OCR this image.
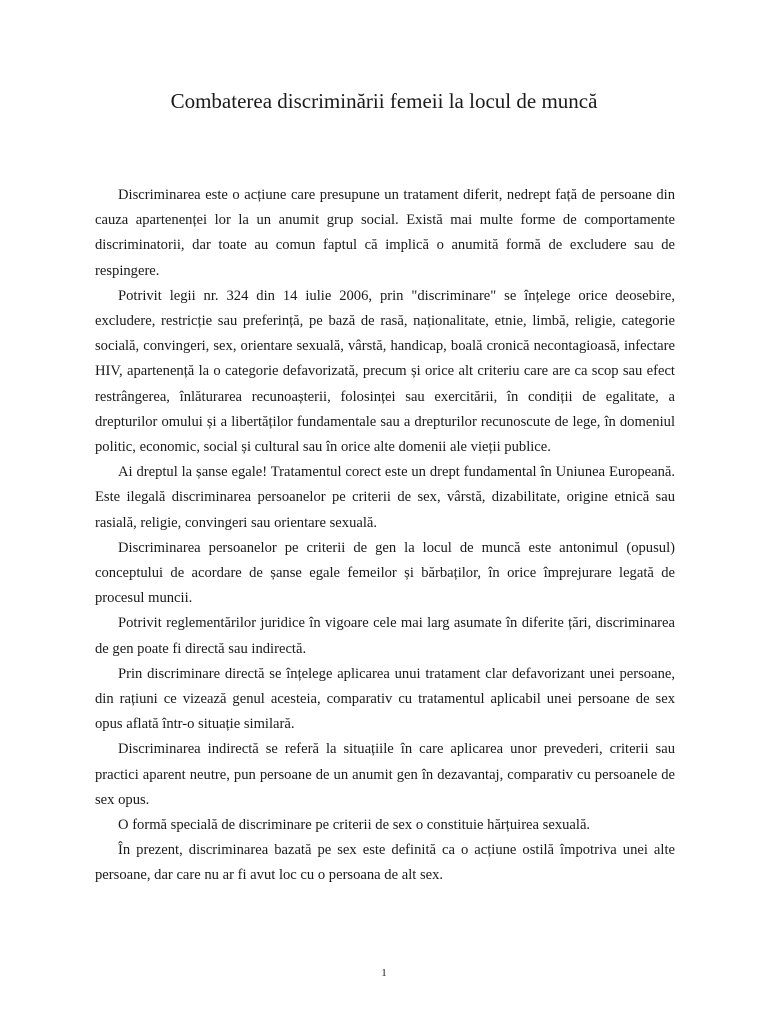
Combaterea discriminării femeii la locul de muncă

Discriminarea este o acțiune care presupune un tratament diferit, nedrept față de persoane din cauza apartenenței lor la un anumit grup social. Există mai multe forme de comportamente discriminatorii, dar toate au comun faptul că implică o anumită formă de excludere sau de respingere.

Potrivit legii nr. 324 din 14 iulie 2006, prin "discriminare" se înțelege orice deosebire, excludere, restricție sau preferință, pe bază de rasă, naționalitate, etnie, limbă, religie, categorie socială, convingeri, sex, orientare sexuală, vârstă, handicap, boală cronică necontagioasă, infectare HIV, apartenență la o categorie defavorizată, precum și orice alt criteriu care are ca scop sau efect restrângerea, înlăturarea recunoașterii, folosinței sau exercitării, în condiții de egalitate, a drepturilor omului și a libertăților fundamentale sau a drepturilor recunoscute de lege, în domeniul politic, economic, social și cultural sau în orice alte domenii ale vieții publice.

Ai dreptul la șanse egale! Tratamentul corect este un drept fundamental în Uniunea Europeană. Este ilegală discriminarea persoanelor pe criterii de sex, vârstă, dizabilitate, origine etnică sau rasială, religie, convingeri sau orientare sexuală.

Discriminarea persoanelor pe criterii de gen la locul de muncă este antonimul (opusul) conceptului de acordare de șanse egale femeilor și bărbaților, în orice împrejurare legată de procesul muncii.

Potrivit reglementărilor juridice în vigoare cele mai larg asumate în diferite țări, discriminarea de gen poate fi directă sau indirectă.

Prin discriminare directă se înțelege aplicarea unui tratament clar defavorizant unei persoane, din rațiuni ce vizează genul acesteia, comparativ cu tratamentul aplicabil unei persoane de sex opus aflată într-o situație similară.

Discriminarea indirectă se referă la situațiile în care aplicarea unor prevederi, criterii sau practici aparent neutre, pun persoane de un anumit gen în dezavantaj, comparativ cu persoanele de sex opus.

O formă specială de discriminare pe criterii de sex o constituie hărțuirea sexuală.

În prezent, discriminarea bazată pe sex este definită ca o acțiune ostilă împotriva unei alte persoane, dar care nu ar fi avut loc cu o persoana de alt sex.

1
